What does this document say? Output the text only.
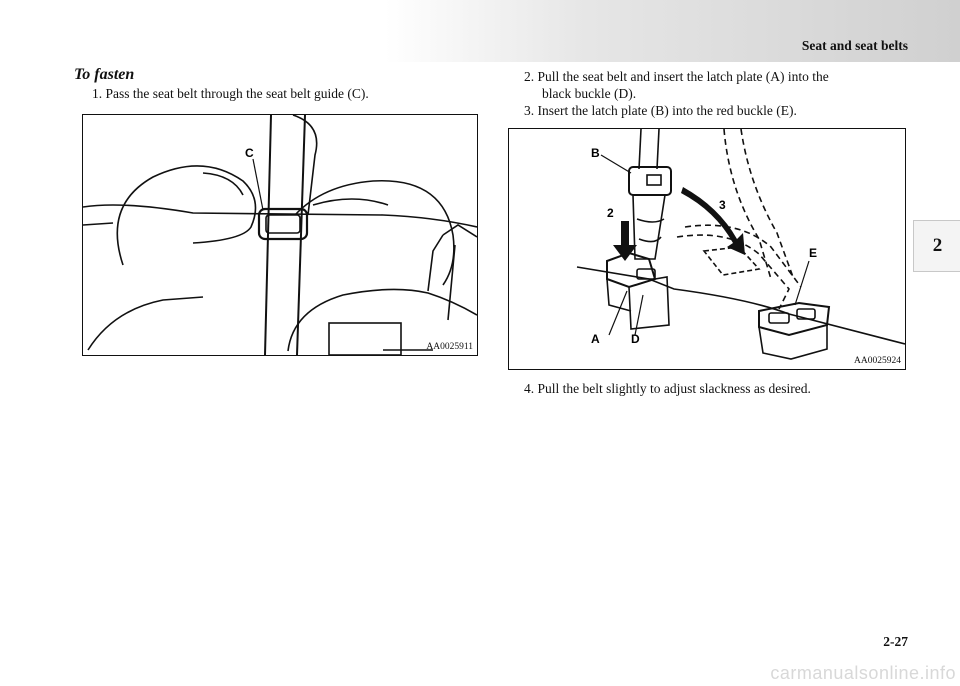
Seat and seat belts
2
To fasten
1. Pass the seat belt through the seat belt guide (C).
C
AA0025911
2. Pull the seat belt and insert the latch plate (A) into the
black buckle (D).
3. Insert the latch plate (B) into the red buckle (E).
B
2
3
E
A	D
AA0025924
4. Pull the belt slightly to adjust slackness as desired.
2-27
carmanualsonline.info
